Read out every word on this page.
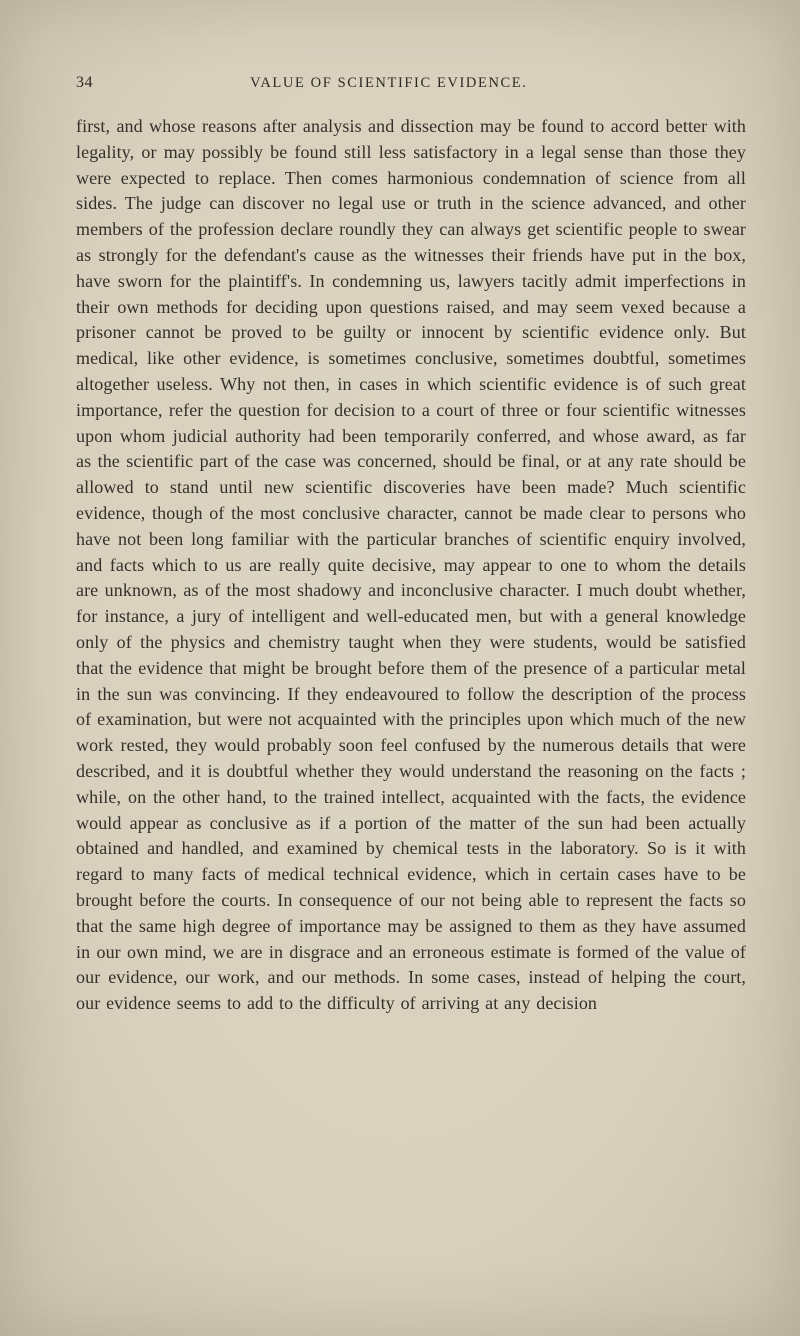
34	VALUE OF SCIENTIFIC EVIDENCE.

first, and whose reasons after analysis and dissection may be found to accord better with legality, or may possibly be found still less satisfactory in a legal sense than those they were expected to replace. Then comes harmonious condemnation of science from all sides. The judge can discover no legal use or truth in the science advanced, and other members of the profession declare roundly they can always get scientific people to swear as strongly for the defendant's cause as the witnesses their friends have put in the box, have sworn for the plaintiff's. In condemning us, lawyers tacitly admit imperfections in their own methods for deciding upon questions raised, and may seem vexed because a prisoner cannot be proved to be guilty or innocent by scientific evidence only. But medical, like other evidence, is sometimes conclusive, sometimes doubtful, sometimes altogether useless. Why not then, in cases in which scientific evidence is of such great importance, refer the question for decision to a court of three or four scientific witnesses upon whom judicial authority had been temporarily conferred, and whose award, as far as the scientific part of the case was concerned, should be final, or at any rate should be allowed to stand until new scientific discoveries have been made? Much scientific evidence, though of the most conclusive character, cannot be made clear to persons who have not been long familiar with the particular branches of scientific enquiry involved, and facts which to us are really quite decisive, may appear to one to whom the details are unknown, as of the most shadowy and inconclusive character. I much doubt whether, for instance, a jury of intelligent and well-educated men, but with a general knowledge only of the physics and chemistry taught when they were students, would be satisfied that the evidence that might be brought before them of the presence of a particular metal in the sun was convincing. If they endeavoured to follow the description of the process of examination, but were not acquainted with the principles upon which much of the new work rested, they would probably soon feel confused by the numerous details that were described, and it is doubtful whether they would understand the reasoning on the facts ; while, on the other hand, to the trained intellect, acquainted with the facts, the evidence would appear as conclusive as if a portion of the matter of the sun had been actually obtained and handled, and examined by chemical tests in the laboratory. So is it with regard to many facts of medical technical evidence, which in certain cases have to be brought before the courts. In consequence of our not being able to represent the facts so that the same high degree of importance may be assigned to them as they have assumed in our own mind, we are in disgrace and an erroneous estimate is formed of the value of our evidence, our work, and our methods. In some cases, instead of helping the court, our evidence seems to add to the difficulty of arriving at any decision
